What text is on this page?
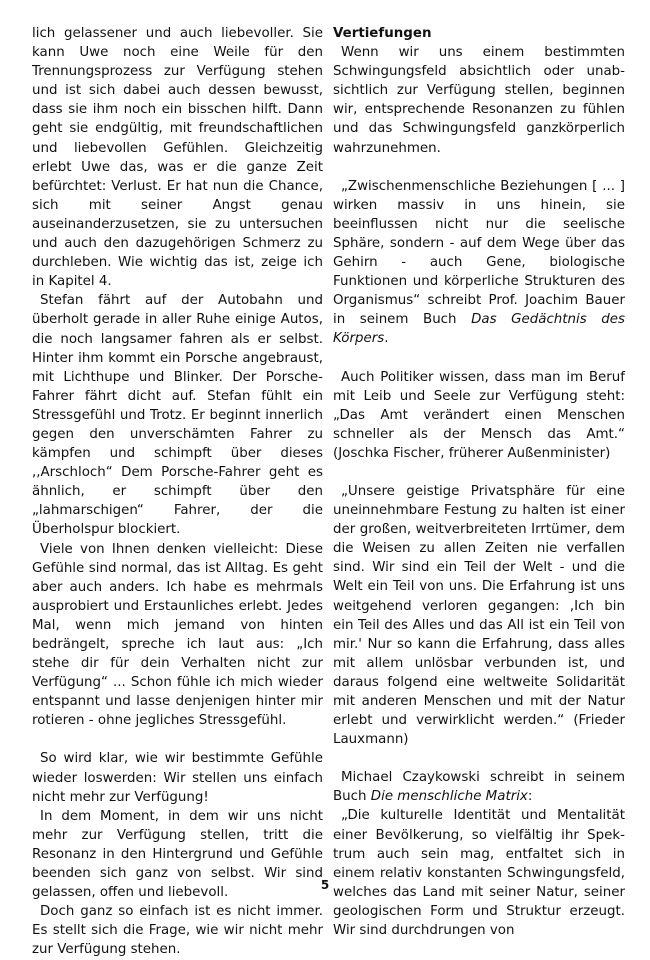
lich gelassener und auch liebevoller. Sie kann Uwe noch eine Weile für den Trennungsprozess zur Verfügung stehen und ist sich dabei auch dessen bewusst, dass sie ihm noch ein bisschen hilft. Dann geht sie endgültig, mit freundschaftlichen und liebevollen Gefühlen. Gleichzeitig erlebt Uwe das, was er die ganze Zeit befürchtet: Verlust. Er hat nun die Chance, sich mit seiner Angst genau auseinanderzusetzen, sie zu untersuchen und auch den dazugehörigen Schmerz zu durchleben. Wie wichtig das ist, zeige ich in Kapitel 4.

Stefan fährt auf der Autobahn und überholt gerade in aller Ruhe einige Autos, die noch langsamer fahren als er selbst. Hinter ihm kommt ein Porsche angebraust, mit Lichthupe und Blinker. Der Porsche-Fahrer fährt dicht auf. Stefan fühlt ein Stressgefühl und Trotz. Er beginnt innerlich gegen den unverschämten Fahrer zu kämpfen und schimpft über dieses ,,Arschloch“ Dem Porsche-Fahrer geht es ähnlich, er schimpft über den „lahmarschigen“ Fahrer, der die Überholspur blockiert.

Viele von Ihnen denken vielleicht: Diese Gefühle sind normal, das ist Alltag. Es geht aber auch anders. Ich habe es mehrmals ausprobiert und Erstaunliches erlebt. Jedes Mal, wenn mich jemand von hinten bedrängelt, spreche ich laut aus: „Ich stehe dir für dein Verhalten nicht zur Verfügung“ ... Schon fühle ich mich wieder entspannt und lasse denjenigen hinter mir rotieren - ohne jegliches Stressgefühl.

So wird klar, wie wir bestimmte Gefühle wieder loswerden: Wir stellen uns einfach nicht mehr zur Verfügung!

In dem Moment, in dem wir uns nicht mehr zur Verfügung stellen, tritt die Resonanz in den Hintergrund und Gefühle beenden sich ganz von selbst. Wir sind gelassen, offen und liebevoll.

Doch ganz so einfach ist es nicht immer. Es stellt sich die Frage, wie wir nicht mehr zur Verfügung stehen.

Vertiefungen

Wenn wir uns einem bestimmten Schwingungsfeld absichtlich oder unabsichtlich zur Verfügung stellen, beginnen wir, entsprechende Resonanzen zu fühlen und das Schwingungsfeld ganzkörperlich wahrzunehmen.

„Zwischenmenschliche Beziehungen [ ... ] wirken massiv in uns hinein, sie beeinflussen nicht nur die seelische Sphäre, sondern - auf dem Wege über das Gehirn - auch Gene, biologische Funktionen und körperliche Strukturen des Organismus“ schreibt Prof. Joachim Bauer in seinem Buch Das Gedächtnis des Körpers.

Auch Politiker wissen, dass man im Beruf mit Leib und Seele zur Verfügung steht: „Das Amt verändert einen Menschen schneller als der Mensch das Amt.“ (Joschka Fischer, früherer Außenminister)

„Unsere geistige Privatsphäre für eine uneinnehmbare Festung zu halten ist einer der großen, weitverbreiteten Irrtümer, dem die Weisen zu allen Zeiten nie verfallen sind. Wir sind ein Teil der Welt - und die Welt ein Teil von uns. Die Erfahrung ist uns weitgehend verloren gegangen: ,Ich bin ein Teil des Alles und das All ist ein Teil von mir.' Nur so kann die Erfahrung, dass alles mit allem unlösbar verbunden ist, und daraus folgend eine weltweite Solidarität mit anderen Menschen und mit der Natur erlebt und verwirklicht werden.“ (Frieder Lauxmann)

Michael Czaykowski schreibt in seinem Buch Die menschliche Matrix:

„Die kulturelle Identität und Mentalität einer Bevölkerung, so vielfältig ihr Spektrum auch sein mag, entfaltet sich in einem relativ konstanten Schwingungsfeld, welches das Land mit seiner Natur, seiner geologischen Form und Struktur erzeugt. Wir sind durchdrungen von

5
